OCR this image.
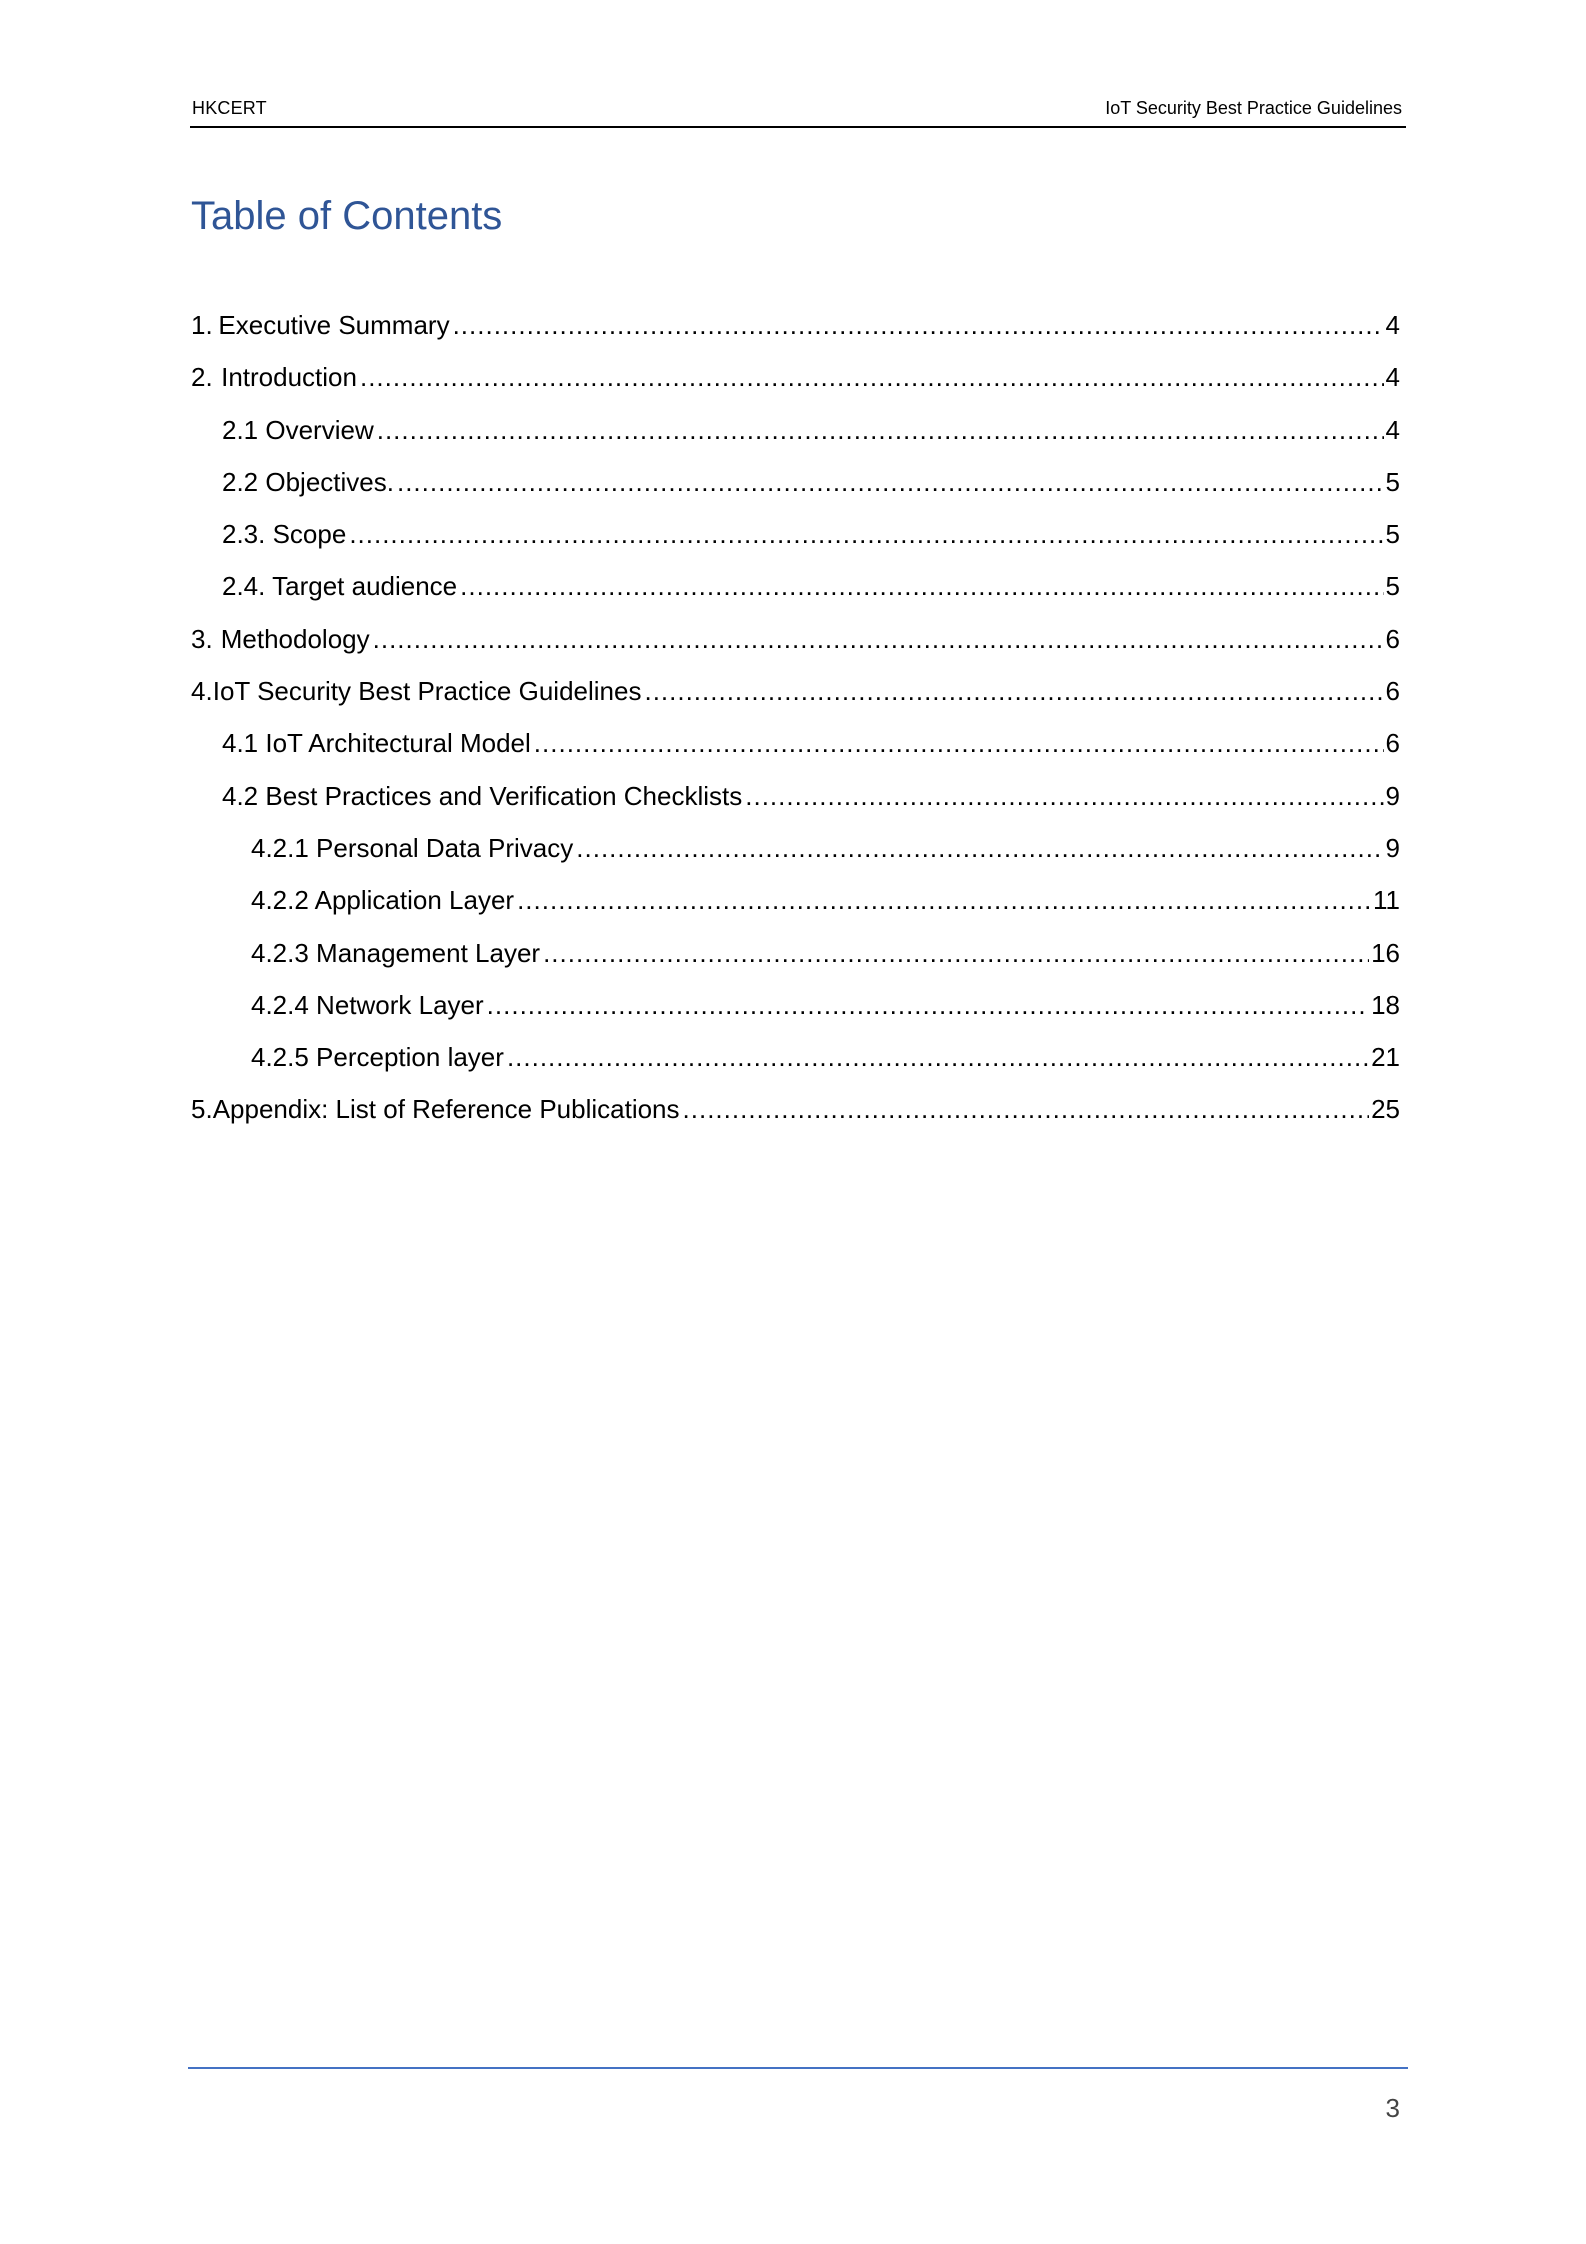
HKCERT	IoT Security Best Practice Guidelines
Table of Contents
1. Executive Summary .....	4
2. Introduction .....	4
2.1 Overview .....	4
2.2 Objectives. .....	5
2.3. Scope .....	5
2.4. Target audience .....	5
3. Methodology .....	6
4. IoT Security Best Practice Guidelines .....	6
4.1 IoT Architectural Model .....	6
4.2 Best Practices and Verification Checklists .....	9
4.2.1 Personal Data Privacy .....	9
4.2.2 Application Layer .....	11
4.2.3 Management Layer .....	16
4.2.4 Network Layer .....	18
4.2.5 Perception layer .....	21
5. Appendix: List of Reference Publications .....	25
3
